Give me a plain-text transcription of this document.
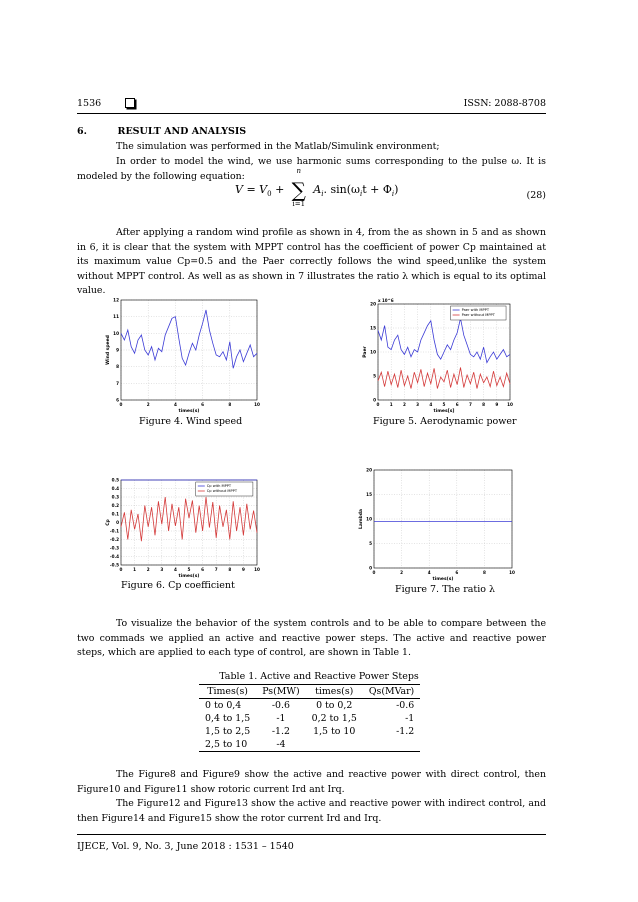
1536	ISSN: 2088-8708
6.	RESULT AND ANALYSIS
The simulation was performed in the Matlab/Simulink environment;
In order to model the wind, we use harmonic sums corresponding to the pulse ω. It is modeled by the following equation:
$V = V_0$ +
n
∑
i=1
$A_i$. $\sin(\omega_it + \Phi_i)$	(28)
After applying a random wind profile as shown in 4, from the as shown in 5 and as shown in 6, it is clear that the system with MPPT control has the coefficient of power Cp maintained at its maximum value Cp=0.5 and the Paer correctly follows the wind speed,unlike the system without MPPT control. As well as as shown in 7 illustrates the ratio λ which is equal to its optimal value.
0	2	4	6	8	10
6
7
8
9
10
11
12
times(s)
Wind speed
Figure 4. Wind speed
0 1 2 3 4 5 6 7 8 9 10
0
5
10
15
20
times[s]
Paer
x 10^6
Paer with MPPT
Paer without MPPT
Figure 5. Aerodynamic power
0	1	2	3	4	5	6	7	8	9 10
-0.5
-0.4
-0.3
-0.2
-0.1
0
0.1
0.2
0.3
0.4
0.5
times(s)
Cp
Cp with MPPT
Cp without MPPT
Figure 6. Cp coefficient
0	2	4	6	8	10
0
5
10
15
20
times(s)
Lambda
Figure 7. The ratio λ
To visualize the behavior of the system controls and to be able to compare between the two commads we applied an active and reactive power steps. The active and reactive power steps, which are applied to each type of control, are shown in Table 1.
Table 1. Active and Reactive Power Steps
Times(s)	Ps(MW)	times(s)	Qs(MVar)
0 to 0,4	-0.6	0 to 0,2	-0.6
0,4 to 1,5	-1	0,2 to 1,5	-1
1,5 to 2,5	-1.2	1,5 to 10	-1.2
2,5 to 10	-4		
The Figure8 and Figure9 show the active and reactive power with direct control, then Figure10 and Figure11 show rotoric current Ird ant Irq.
The Figure12 and Figure13 show the active and reactive power with indirect control, and then Figure14 and Figure15 show the rotor current Ird and Irq.
IJECE, Vol. 9, No. 3, June 2018 : 1531 – 1540
